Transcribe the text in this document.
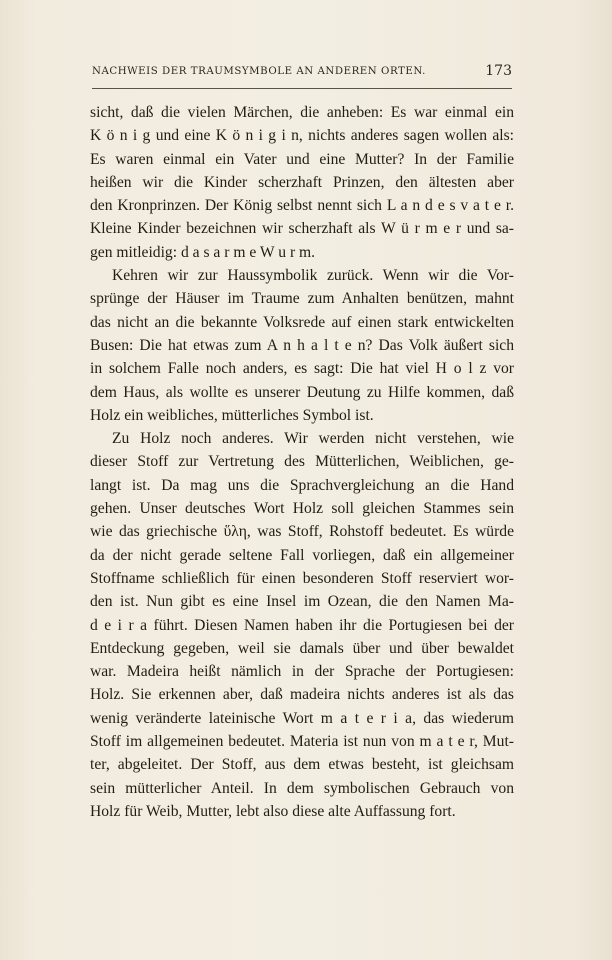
NACHWEIS DER TRAUMSYMBOLE AN ANDEREN ORTEN.	173
sicht, daß die vielen Märchen, die anheben: Es war einmal ein
K ö n i g und eine K ö n i g i n, nichts anderes sagen wollen als:
Es waren einmal ein Vater und eine Mutter? In der Familie
heißen wir die Kinder scherzhaft Prinzen, den ältesten aber
den Kronprinzen. Der König selbst nennt sich L a n d e s v a t e r.
Kleine Kinder bezeichnen wir scherzhaft als W ü r m e r und sa-
gen mitleidig: d a s a r m e W u r m.
Kehren wir zur Haussymbolik zurück. Wenn wir die Vor-
sprünge der Häuser im Traume zum Anhalten benützen, mahnt
das nicht an die bekannte Volksrede auf einen stark entwickelten
Busen: Die hat etwas zum A n h a l t e n? Das Volk äußert sich
in solchem Falle noch anders, es sagt: Die hat viel H o l z vor
dem Haus, als wollte es unserer Deutung zu Hilfe kommen, daß
Holz ein weibliches, mütterliches Symbol ist.
Zu Holz noch anderes. Wir werden nicht verstehen, wie
dieser Stoff zur Vertretung des Mütterlichen, Weiblichen, ge-
langt ist. Da mag uns die Sprachvergleichung an die Hand
gehen. Unser deutsches Wort Holz soll gleichen Stammes sein
wie das griechische ὕλη, was Stoff, Rohstoff bedeutet. Es würde
da der nicht gerade seltene Fall vorliegen, daß ein allgemeiner
Stoffname schließlich für einen besonderen Stoff reserviert wor-
den ist. Nun gibt es eine Insel im Ozean, die den Namen Ma-
d e i r a führt. Diesen Namen haben ihr die Portugiesen bei der
Entdeckung gegeben, weil sie damals über und über bewaldet
war. Madeira heißt nämlich in der Sprache der Portugiesen:
Holz. Sie erkennen aber, daß madeira nichts anderes ist als das
wenig veränderte lateinische Wort m a t e r i a, das wiederum
Stoff im allgemeinen bedeutet. Materia ist nun von m a t e r, Mut-
ter, abgeleitet. Der Stoff, aus dem etwas besteht, ist gleichsam
sein mütterlicher Anteil. In dem symbolischen Gebrauch von
Holz für Weib, Mutter, lebt also diese alte Auffassung fort.
